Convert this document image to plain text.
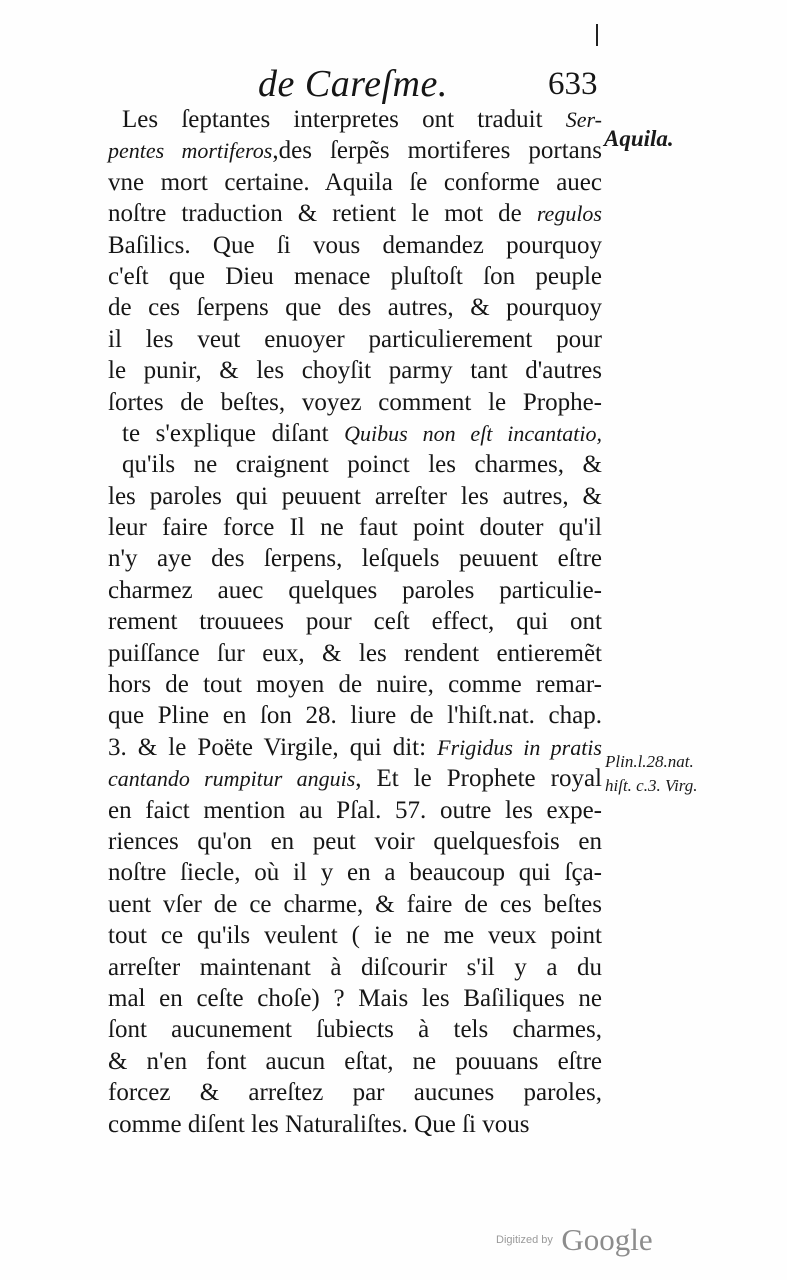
de Careſme.	633
Les ſeptantes interpretes ont traduit Ser-
pentes mortiferos,des ſerpẽs mortiferes portans
vne mort certaine. Aquila ſe conforme auec
noſtre traduction & retient le mot de regulos
Baſilics. Que ſi vous demandez pourquoy
c'eſt que Dieu menace pluſtoſt ſon peuple
de ces ſerpens que des autres, & pourquoy
il les veut enuoyer particulierement pour
le punir, & les choyſit parmy tant d'autres
ſortes de beſtes, voyez comment le Prophe-
te s'explique diſant Quibus non eſt incantatio,
qu'ils ne craignent poinct les charmes, &
les paroles qui peuuent arreſter les autres, &
leur faire force Il ne faut point douter qu'il
n'y aye des ſerpens, leſquels peuuent eſtre
charmez auec quelques paroles particulie-
rement trouuees pour ceſt effect, qui ont
puiſſance ſur eux, & les rendent entieremẽt
hors de tout moyen de nuire, comme remar-
que Pline en ſon 28. liure de l'hiſt.nat. chap.
3. & le Poëte Virgile, qui dit: Frigidus in pratis
cantando rumpitur anguis, Et le Prophete royal
en faict mention au Pſal. 57. outre les expe-
riences qu'on en peut voir quelquesfois en
noſtre ſiecle, où il y en a beaucoup qui ſça-
uent vſer de ce charme, & faire de ces beſtes
tout ce qu'ils veulent ( ie ne me veux point
arreſter maintenant à diſcourir s'il y a du
mal en ceſte choſe) ? Mais les Baſiliques ne
ſont aucunement ſubiects à tels charmes,
& n'en font aucun eſtat, ne pouuans eſtre
forcez & arreſtez par aucunes paroles,
comme diſent les Naturaliſtes. Que ſi vous
Aquila.
Plin.l.28.nat.
hiſt. c.3. Virg.
Digitized by Google
